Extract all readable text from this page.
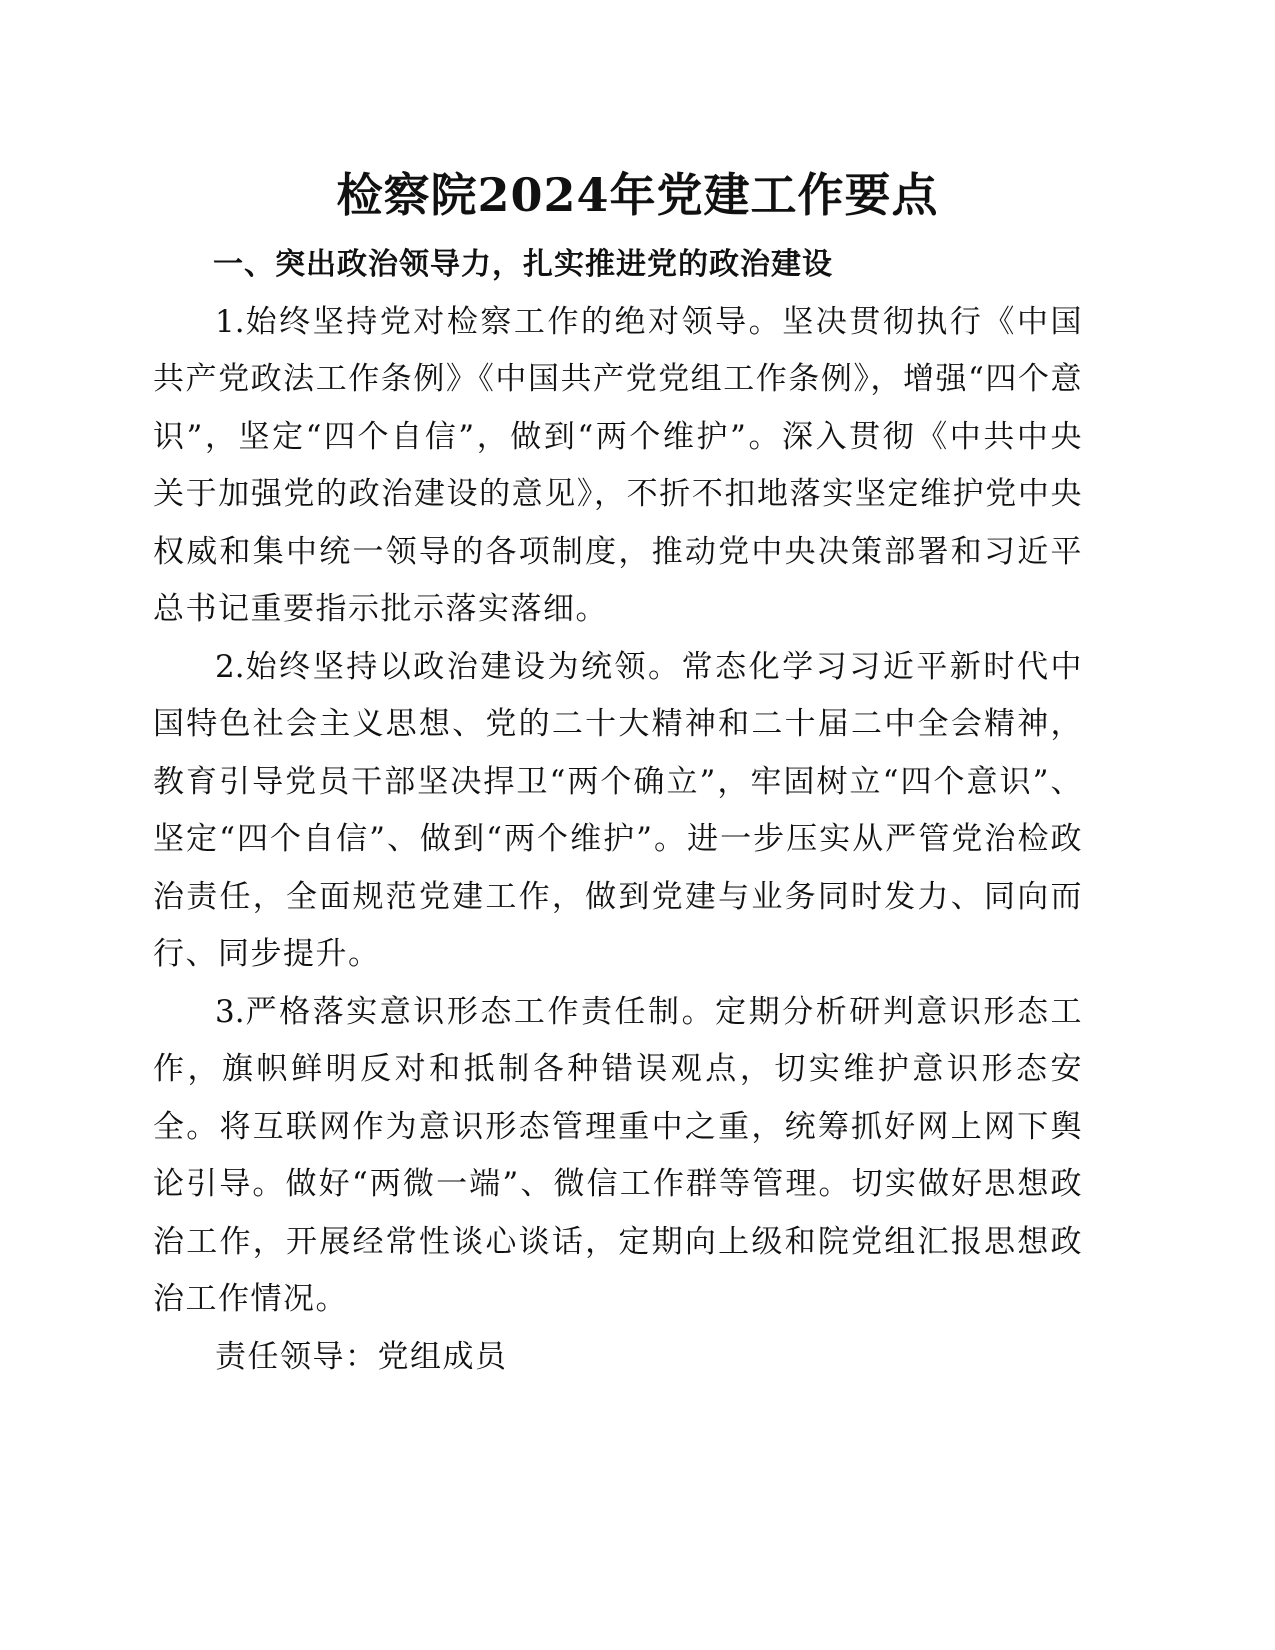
检察院2024年党建工作要点

一、突出政治领导力，扎实推进党的政治建设

1.始终坚持党对检察工作的绝对领导。坚决贯彻执行《中国共产党政法工作条例》《中国共产党党组工作条例》，增强“四个意识”，坚定“四个自信”，做到“两个维护”。深入贯彻《中共中央关于加强党的政治建设的意见》，不折不扣地落实坚定维护党中央权威和集中统一领导的各项制度，推动党中央决策部署和习近平总书记重要指示批示落实落细。

2.始终坚持以政治建设为统领。常态化学习习近平新时代中国特色社会主义思想、党的二十大精神和二十届二中全会精神，教育引导党员干部坚决捍卫“两个确立”，牢固树立“四个意识”、坚定“四个自信”、做到“两个维护”。进一步压实从严管党治检政治责任，全面规范党建工作，做到党建与业务同时发力、同向而行、同步提升。

3.严格落实意识形态工作责任制。定期分析研判意识形态工作，旗帜鲜明反对和抵制各种错误观点，切实维护意识形态安全。将互联网作为意识形态管理重中之重，统筹抓好网上网下舆论引导。做好“两微一端”、微信工作群等管理。切实做好思想政治工作，开展经常性谈心谈话，定期向上级和院党组汇报思想政治工作情况。

责任领导：党组成员
